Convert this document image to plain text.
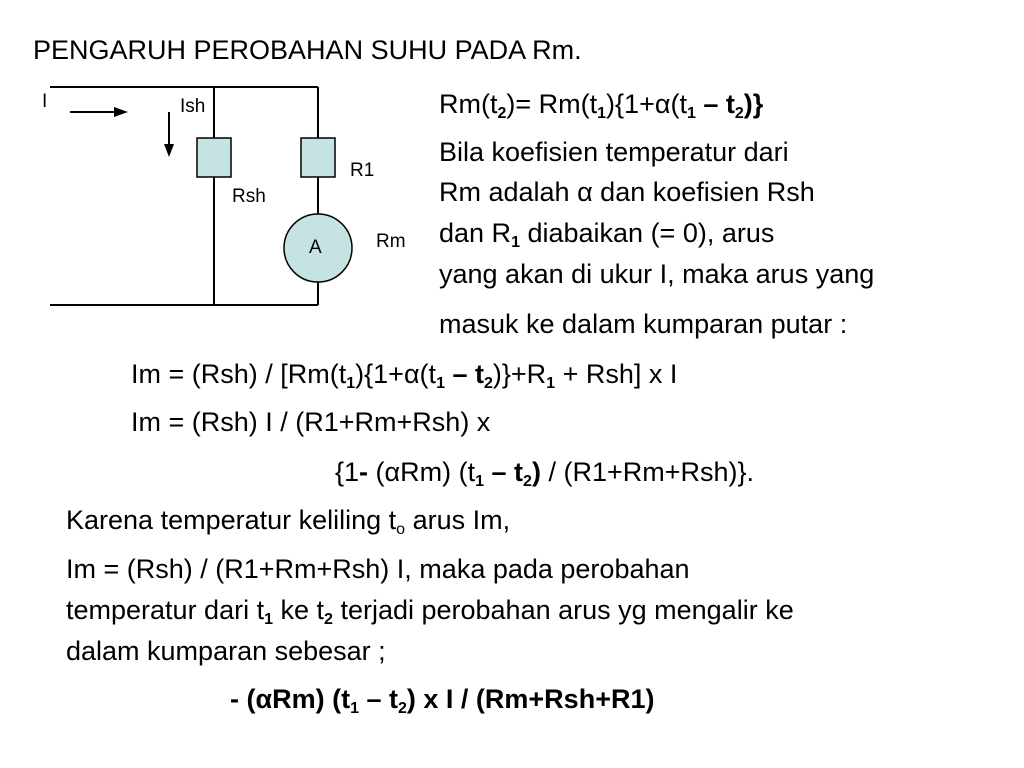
PENGARUH PEROBAHAN SUHU PADA Rm.
I	Ish
R1
Rsh
Rm
A
$Rm(t_2)= Rm(t_1)\{1+\alpha(t_1 - t_2)\}$
Bila koefisien temperatur dari
Rm adalah α dan koefisien Rsh
dan $R_1$ diabaikan (= 0), arus
yang akan di ukur I, maka arus yang
masuk ke dalam kumparan putar :
$Im = (Rsh) / [Rm(t_1)\{1+\alpha(t_1 - t_2)\}+R_1 + Rsh]$ x I
Im = (Rsh) I / (R1+Rm+Rsh) x
{1- (αRm) $(t_1 - t_2) / (R1+Rm+Rsh)$}.
Karena temperatur keliling $t_o$ arus Im,
Im = (Rsh) / (R1+Rm+Rsh) I, maka pada perobahan
temperatur dari $t_1$ ke $t_2$ terjadi perobahan arus yg mengalir ke
dalam kumparan sebesar ;
- (αRm) $(t_1 - t_2)$ x I / (Rm+Rsh+R1)
